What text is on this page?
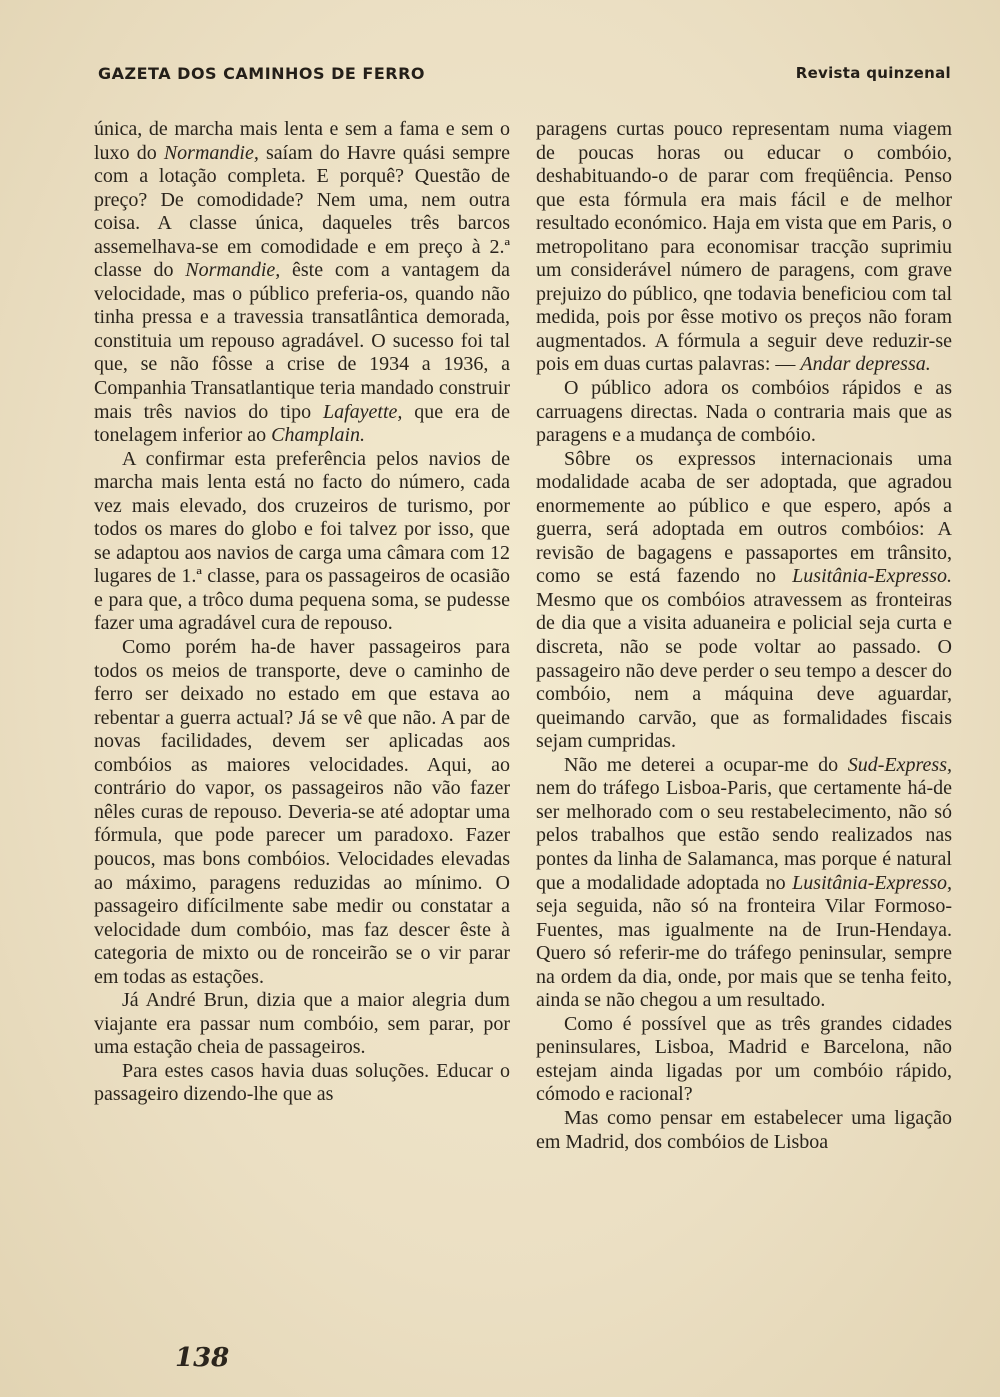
GAZETA DOS CAMINHOS DE FERRO	Revista quinzenal

única, de marcha mais lenta e sem a fama e sem o luxo do Normandie, saíam do Havre quási sempre com a lotação completa. E porquê? Questão de preço? De comodidade? Nem uma, nem outra coisa. A classe única, daqueles três barcos assemelhava-se em comodidade e em preço à 2.ª classe do Normandie, êste com a vantagem da velocidade, mas o público preferia-os, quando não tinha pressa e a travessia transatlântica demorada, constituia um repouso agradável. O sucesso foi tal que, se não fôsse a crise de 1934 a 1936, a Companhia Transatlantique teria mandado construir mais três navios do tipo Lafayette, que era de tonelagem inferior ao Champlain.

A confirmar esta preferência pelos navios de marcha mais lenta está no facto do número, cada vez mais elevado, dos cruzeiros de turismo, por todos os mares do globo e foi talvez por isso, que se adaptou aos navios de carga uma câmara com 12 lugares de 1.ª classe, para os passageiros de ocasião e para que, a trôco duma pequena soma, se pudesse fazer uma agradável cura de repouso.

Como porém ha-de haver passageiros para todos os meios de transporte, deve o caminho de ferro ser deixado no estado em que estava ao rebentar a guerra actual? Já se vê que não. A par de novas facilidades, devem ser aplicadas aos combóios as maiores velocidades. Aqui, ao contrário do vapor, os passageiros não vão fazer nêles curas de repouso. Deveria-se até adoptar uma fórmula, que pode parecer um paradoxo. Fazer poucos, mas bons combóios. Velocidades elevadas ao máximo, paragens reduzidas ao mínimo. O passageiro difícilmente sabe medir ou constatar a velocidade dum combóio, mas faz descer êste à categoria de mixto ou de ronceirão se o vir parar em todas as estações.

Já André Brun, dizia que a maior alegria dum viajante era passar num combóio, sem parar, por uma estação cheia de passageiros.

Para estes casos havia duas soluções. Educar o passageiro dizendo-lhe que as

paragens curtas pouco representam numa viagem de poucas horas ou educar o combóio, deshabituando-o de parar com freqüência. Penso que esta fórmula era mais fácil e de melhor resultado económico. Haja em vista que em Paris, o metropolitano para economisar tracção suprimiu um considerável número de paragens, com grave prejuizo do público, qne todavia beneficiou com tal medida, pois por êsse motivo os preços não foram augmentados. A fórmula a seguir deve reduzir-se pois em duas curtas palavras: — Andar depressa.

O público adora os combóios rápidos e as carruagens directas. Nada o contraria mais que as paragens e a mudança de combóio.

Sôbre os expressos internacionais uma modalidade acaba de ser adoptada, que agradou enormemente ao público e que espero, após a guerra, será adoptada em outros combóios: A revisão de bagagens e passaportes em trânsito, como se está fazendo no Lusitânia-Expresso. Mesmo que os combóios atravessem as fronteiras de dia que a visita aduaneira e policial seja curta e discreta, não se pode voltar ao passado. O passageiro não deve perder o seu tempo a descer do combóio, nem a máquina deve aguardar, queimando carvão, que as formalidades fiscais sejam cumpridas.

Não me deterei a ocupar-me do Sud-Express, nem do tráfego Lisboa-Paris, que certamente há-de ser melhorado com o seu restabelecimento, não só pelos trabalhos que estão sendo realizados nas pontes da linha de Salamanca, mas porque é natural que a modalidade adoptada no Lusitânia-Expresso, seja seguida, não só na fronteira Vilar Formoso-Fuentes, mas igualmente na de Irun-Hendaya. Quero só referir-me do tráfego peninsular, sempre na ordem da dia, onde, por mais que se tenha feito, ainda se não chegou a um resultado.

Como é possível que as três grandes cidades peninsulares, Lisboa, Madrid e Barcelona, não estejam ainda ligadas por um combóio rápido, cómodo e racional?

Mas como pensar em estabelecer uma ligação em Madrid, dos combóios de Lisboa

138
